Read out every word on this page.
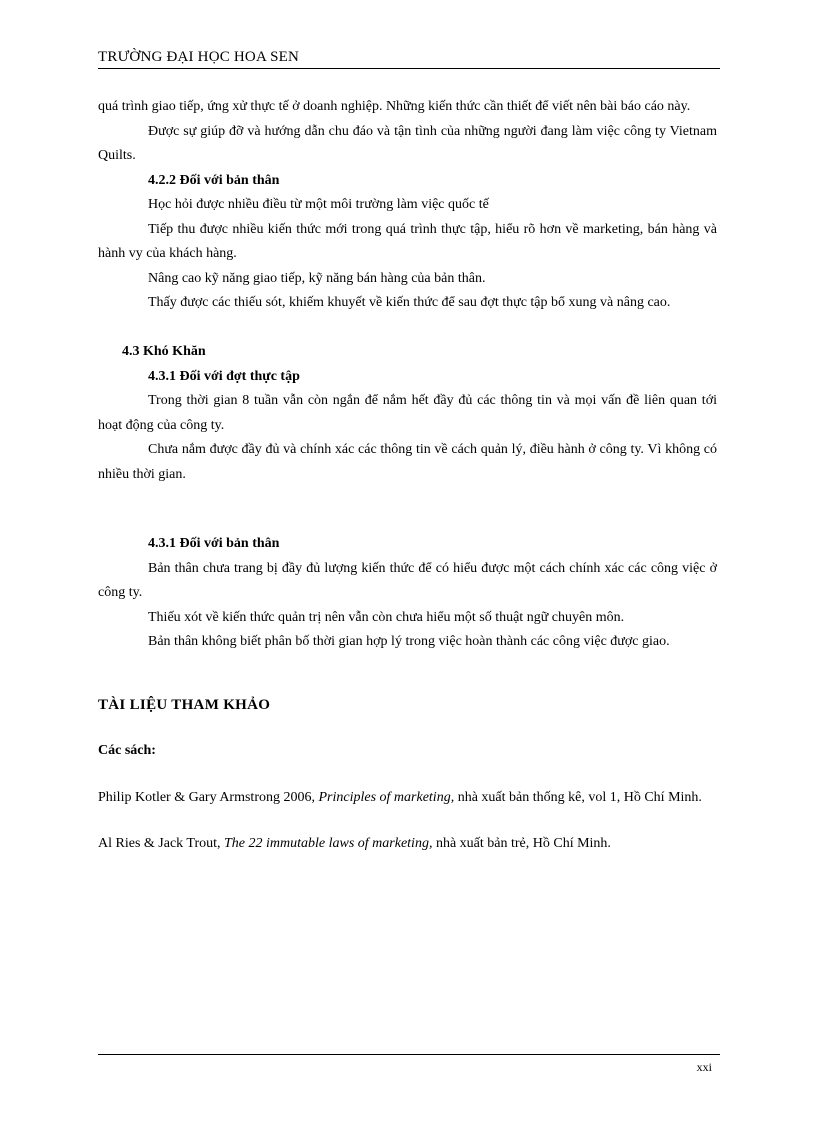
TRƯỜNG ĐẠI HỌC HOA SEN

quá trình giao tiếp, ứng xử thực tế ở doanh nghiệp. Những kiến thức cần thiết để viết nên bài báo cáo này.

Được sự giúp đỡ và hướng dẫn chu đáo và tận tình của những người đang làm việc công ty Vietnam Quilts.

4.2.2 Đối với bản thân

Học hỏi được nhiều điều từ một môi trường làm việc quốc tế

Tiếp thu được nhiều kiến thức mới trong quá trình thực tập, hiểu rõ hơn về marketing, bán hàng và hành vy của khách hàng.

Nâng cao kỹ năng giao tiếp, kỹ năng bán hàng của bản thân.

Thấy được các thiếu sót, khiếm khuyết về kiến thức để sau đợt thực tập bổ xung và nâng cao.

4.3 Khó Khăn

4.3.1 Đối với đợt thực tập

Trong thời gian 8 tuần vẫn còn ngắn để nắm hết đầy đủ các thông tin và mọi vấn đề liên quan tới hoạt động của công ty.

Chưa nắm được đầy đủ và chính xác các thông tin về cách quản lý, điều hành ở công ty. Vì không có nhiều thời gian.

4.3.1 Đối với bản thân

Bản thân chưa trang bị đầy đủ lượng kiến thức để có hiểu được một cách chính xác các công việc ở công ty.

Thiếu xót về kiến thức quản trị nên vẫn còn chưa hiểu một số thuật ngữ chuyên môn.

Bản thân không biết phân bố thời gian hợp lý trong việc hoàn thành các công việc được giao.

TÀI LIỆU THAM KHẢO

Các sách:

Philip Kotler & Gary Armstrong 2006, Principles of marketing, nhà xuất bản thống kê, vol 1, Hồ Chí Minh.

Al Ries & Jack Trout, The 22 immutable laws of marketing, nhà xuất bản trẻ, Hồ Chí Minh.

xxi
